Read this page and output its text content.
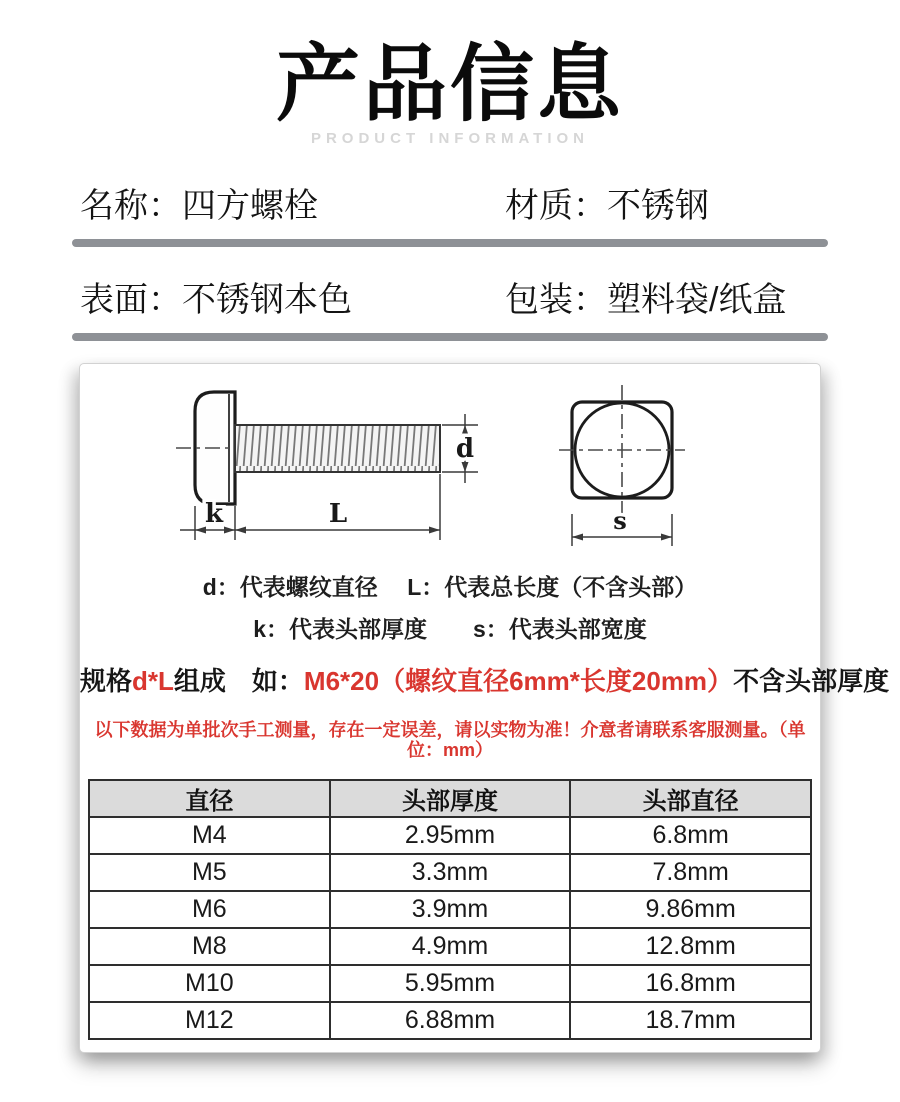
产品信息
PRODUCT INFORMATION
名称：四方螺栓	材质：不锈钢
表面：不锈钢本色	包装：塑料袋/纸盒
d
k	L	s
d：代表螺纹直径　 L：代表总长度（不含头部）
k：代表头部厚度　　s：代表头部宽度
规格d*L组成　如：M6*20（螺纹直径6mm*长度20mm）不含头部厚度
以下数据为单批次手工测量，存在一定误差，请以实物为准！介意者请联系客服测量。（单位：mm）
直径	头部厚度	头部直径
M4	2.95mm	6.8mm
M5	3.3mm	7.8mm
M6	3.9mm	9.86mm
M8	4.9mm	12.8mm
M10	5.95mm	16.8mm
M12	6.88mm	18.7mm
